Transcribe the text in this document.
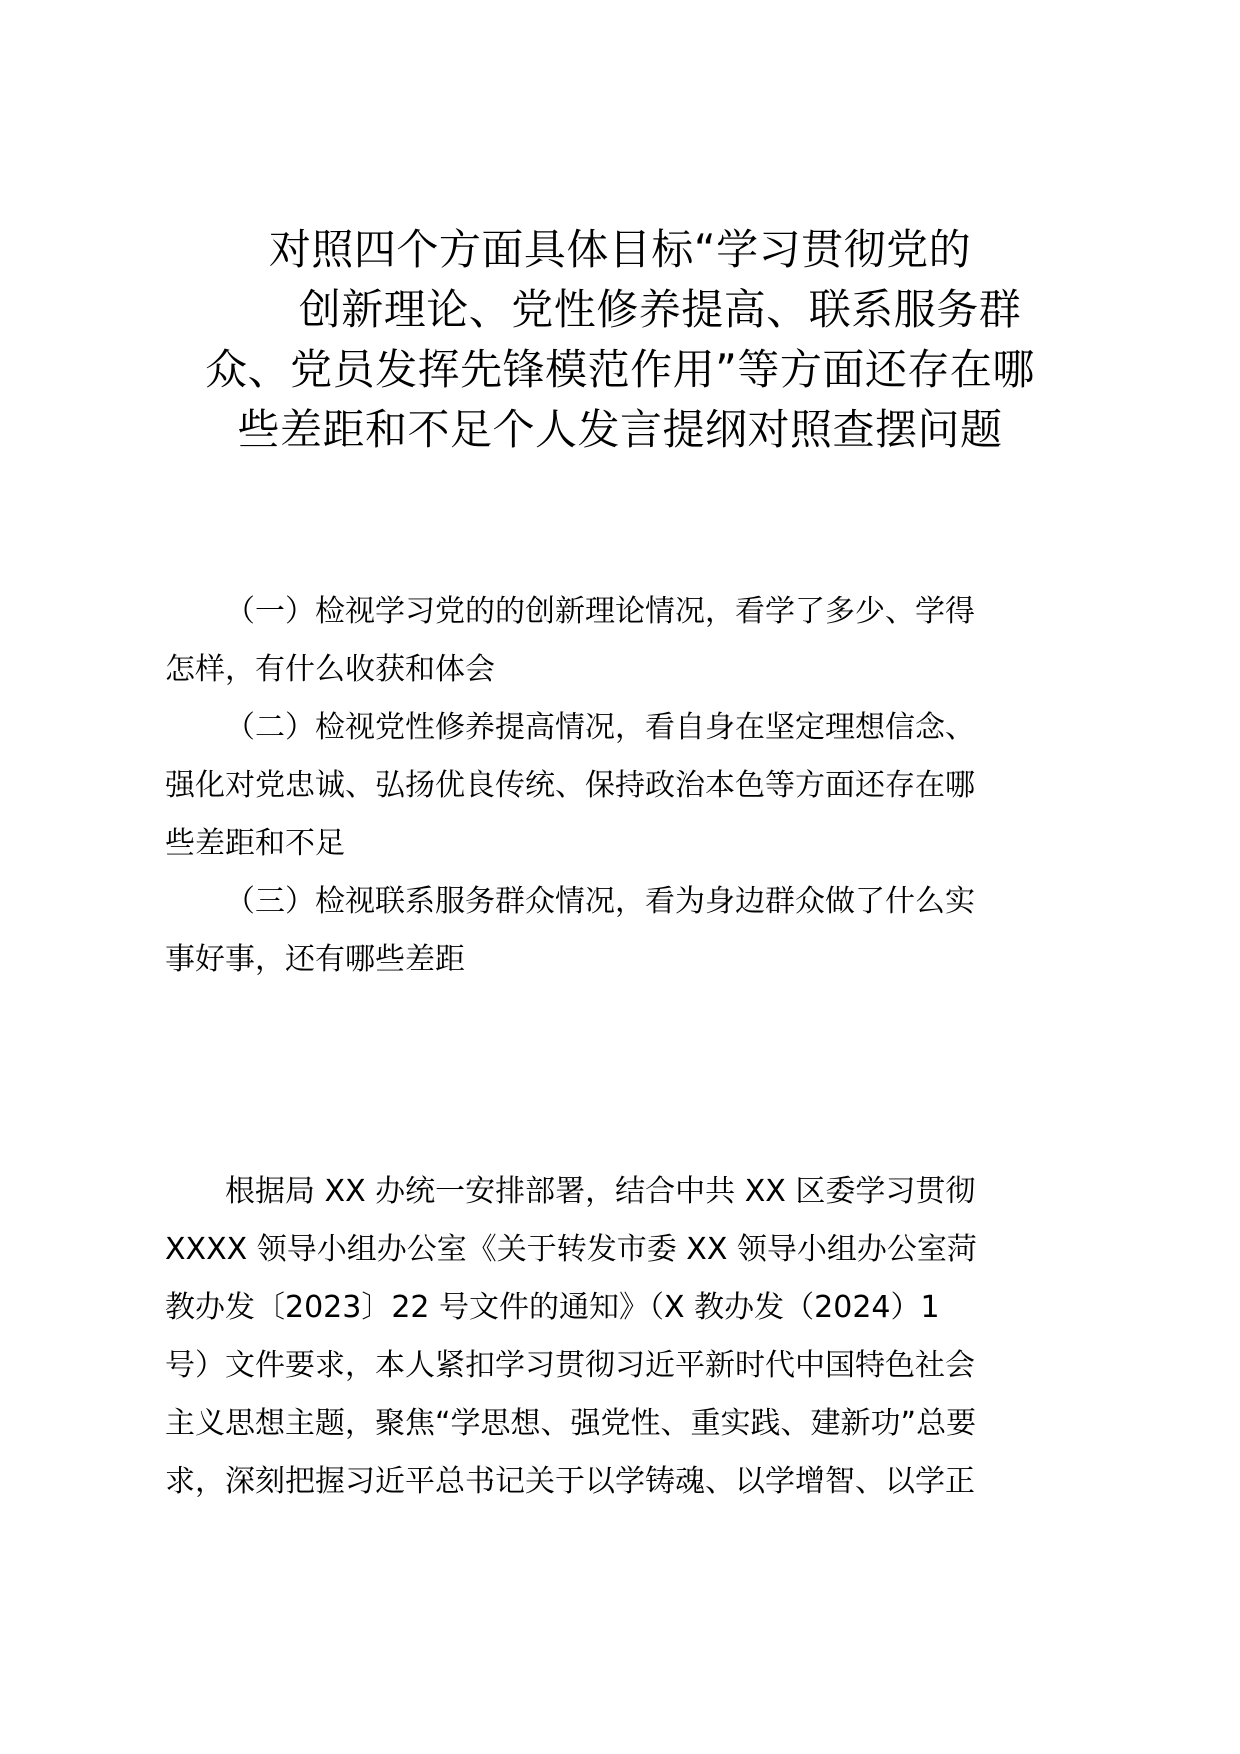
对照四个方面具体目标“学习贯彻党的
创新理论、党性修养提高、联系服务群
众、党员发挥先锋模范作用”等方面还存在哪
些差距和不足个人发言提纲对照查摆问题

（一）检视学习党的的创新理论情况，看学了多少、学得
怎样，有什么收获和体会

（二）检视党性修养提高情况，看自身在坚定理想信念、
强化对党忠诚、弘扬优良传统、保持政治本色等方面还存在哪
些差距和不足

（三）检视联系服务群众情况，看为身边群众做了什么实
事好事，还有哪些差距

根据局 XX 办统一安排部署，结合中共 XX 区委学习贯彻
XXXX 领导小组办公室《关于转发市委 XX 领导小组办公室菏
教办发〔2023〕22 号文件的通知》（X 教办发（2024）1
号）文件要求，本人紧扣学习贯彻习近平新时代中国特色社会
主义思想主题，聚焦“学思想、强党性、重实践、建新功”总要
求，深刻把握习近平总书记关于以学铸魂、以学增智、以学正
